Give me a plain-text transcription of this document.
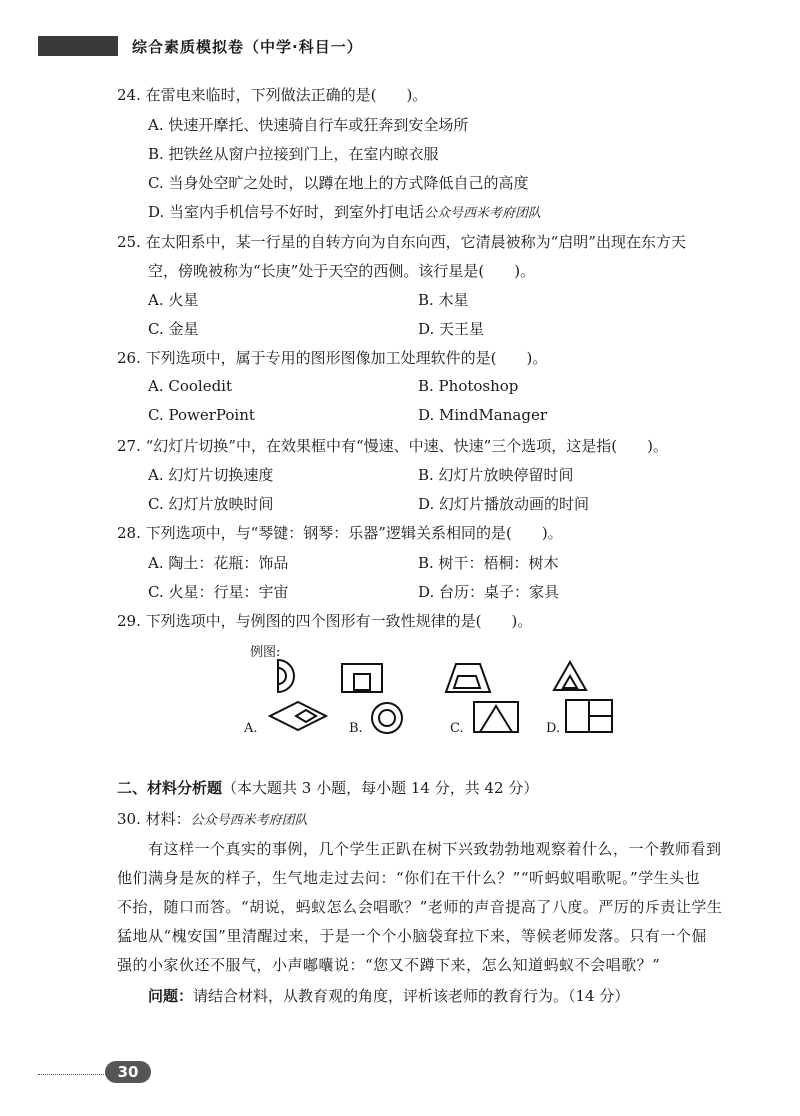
综合素质模拟卷（中学·科目一）
24. 在雷电来临时，下列做法正确的是(　　)。
A. 快速开摩托、快速骑自行车或狂奔到安全场所
B. 把铁丝从窗户拉接到门上，在室内晾衣服
C. 当身处空旷之处时，以蹲在地上的方式降低自己的高度
D. 当室内手机信号不好时，到室外打电话公众号西米考府团队
25. 在太阳系中，某一行星的自转方向为自东向西，它清晨被称为“启明”出现在东方天
空，傍晚被称为“长庚”处于天空的西侧。该行星是(　　)。
A. 火星	B. 木星
C. 金星	D. 天王星
26. 下列选项中，属于专用的图形图像加工处理软件的是(　　)。
A. Cooledit	B. Photoshop
C. PowerPoint	D. MindManager
27. “幻灯片切换”中，在效果框中有“慢速、中速、快速”三个选项，这是指(　　)。
A. 幻灯片切换速度	B. 幻灯片放映停留时间
C. 幻灯片放映时间	D. 幻灯片播放动画的时间
28. 下列选项中，与“琴键：钢琴：乐器”逻辑关系相同的是(　　)。
A. 陶土：花瓶：饰品	B. 树干：梧桐：树木
C. 火星：行星：宇宙	D. 台历：桌子：家具
29. 下列选项中，与例图的四个图形有一致性规律的是(　　)。
例图:
A.	B.	C.	D.
二、材料分析题（本大题共 3 小题，每小题 14 分，共 42 分）
30. 材料：公众号西米考府团队
有这样一个真实的事例，几个学生正趴在树下兴致勃勃地观察着什么，一个教师看到
他们满身是灰的样子，生气地走过去问：“你们在干什么？”“听蚂蚁唱歌呢。”学生头也
不抬，随口而答。“胡说，蚂蚁怎么会唱歌？”老师的声音提高了八度。严厉的斥责让学生
猛地从“槐安国”里清醒过来，于是一个个小脑袋耷拉下来，等候老师发落。只有一个倔
强的小家伙还不服气，小声嘟囔说：“您又不蹲下来，怎么知道蚂蚁不会唱歌？”
问题：请结合材料，从教育观的角度，评析该老师的教育行为。（14 分）
30
